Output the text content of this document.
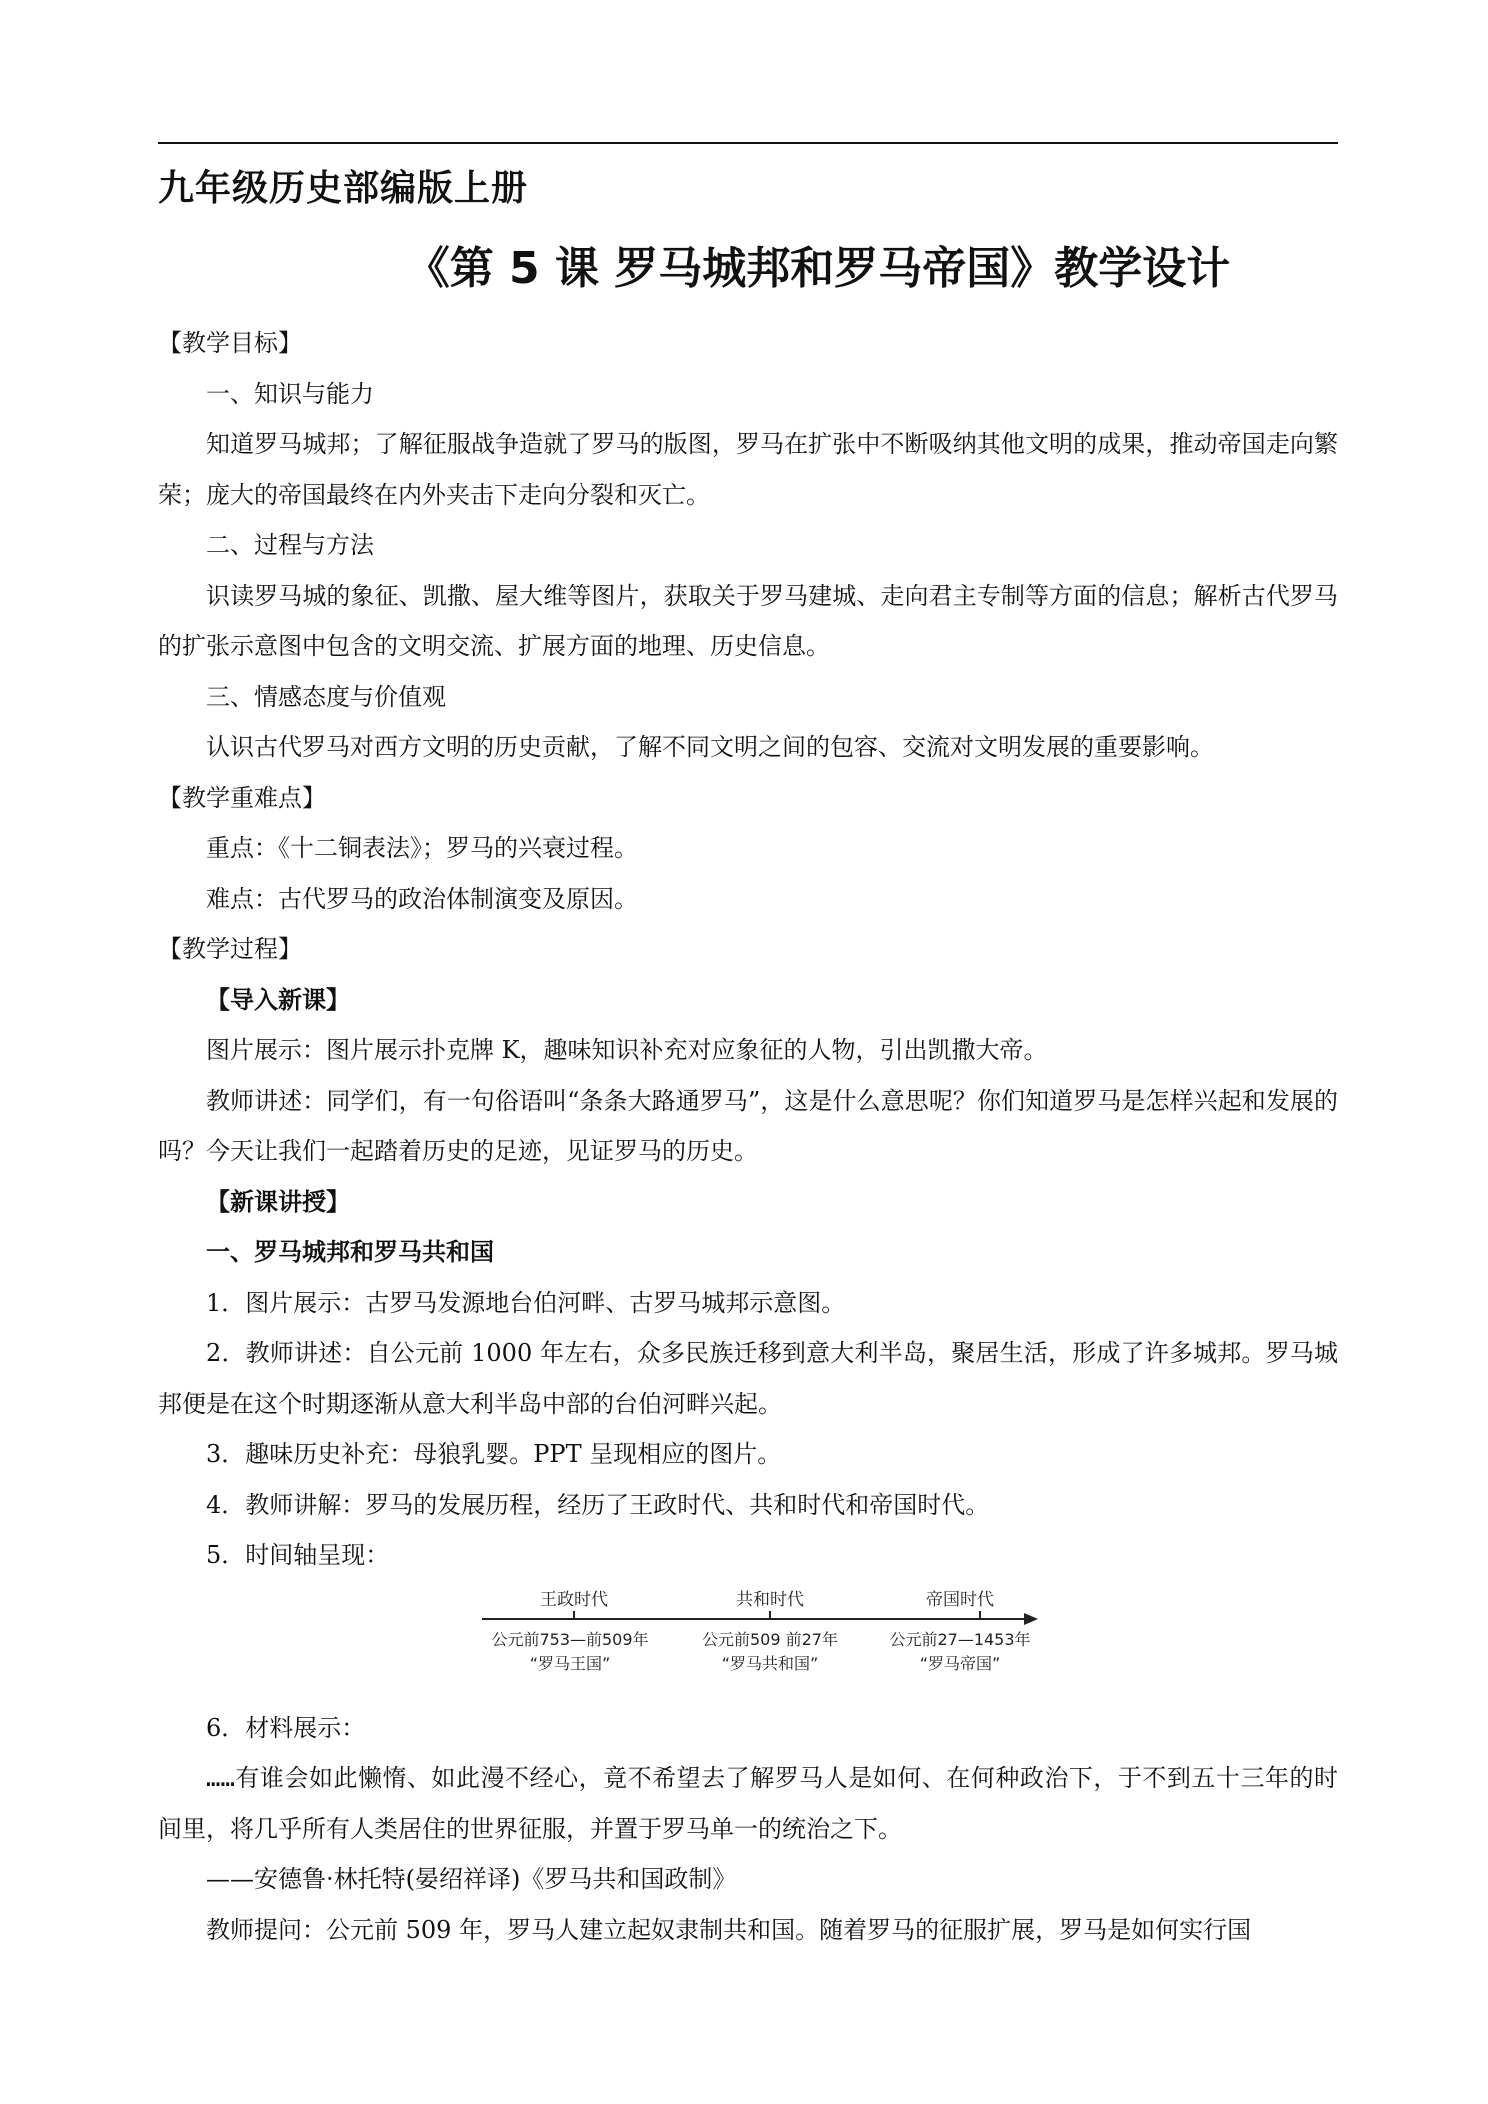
九年级历史部编版上册
《第 5 课 罗马城邦和罗马帝国》教学设计

【教学目标】

一、知识与能力

知道罗马城邦；了解征服战争造就了罗马的版图，罗马在扩张中不断吸纳其他文明的成果，推动帝国走向繁荣；庞大的帝国最终在内外夹击下走向分裂和灭亡。

二、过程与方法

识读罗马城的象征、凯撒、屋大维等图片，获取关于罗马建城、走向君主专制等方面的信息；解析古代罗马的扩张示意图中包含的文明交流、扩展方面的地理、历史信息。

三、情感态度与价值观

认识古代罗马对西方文明的历史贡献，了解不同文明之间的包容、交流对文明发展的重要影响。

【教学重难点】

重点：《十二铜表法》；罗马的兴衰过程。

难点：古代罗马的政治体制演变及原因。

【教学过程】

【导入新课】

图片展示：图片展示扑克牌 K，趣味知识补充对应象征的人物，引出凯撒大帝。

教师讲述：同学们，有一句俗语叫“条条大路通罗马”，这是什么意思呢？你们知道罗马是怎样兴起和发展的吗？今天让我们一起踏着历史的足迹，见证罗马的历史。

【新课讲授】

一、罗马城邦和罗马共和国

1．图片展示：古罗马发源地台伯河畔、古罗马城邦示意图。

2．教师讲述：自公元前 1000 年左右，众多民族迁移到意大利半岛，聚居生活，形成了许多城邦。罗马城邦便是在这个时期逐渐从意大利半岛中部的台伯河畔兴起。

3．趣味历史补充：母狼乳婴。PPT 呈现相应的图片。

4．教师讲解：罗马的发展历程，经历了王政时代、共和时代和帝国时代。

5．时间轴呈现：

王政时代	共和时代	帝国时代
公元前753—前509年	公元前509 前27年	公元前27—1453年
“罗马王国”	“罗马共和国”	“罗马帝国”

6．材料展示：

……有谁会如此懒惰、如此漫不经心，竟不希望去了解罗马人是如何、在何种政治下，于不到五十三年的时间里，将几乎所有人类居住的世界征服，并置于罗马单一的统治之下。

——安德鲁·林托特(晏绍祥译)《罗马共和国政制》

教师提问：公元前 509 年，罗马人建立起奴隶制共和国。随着罗马的征服扩展，罗马是如何实行国
